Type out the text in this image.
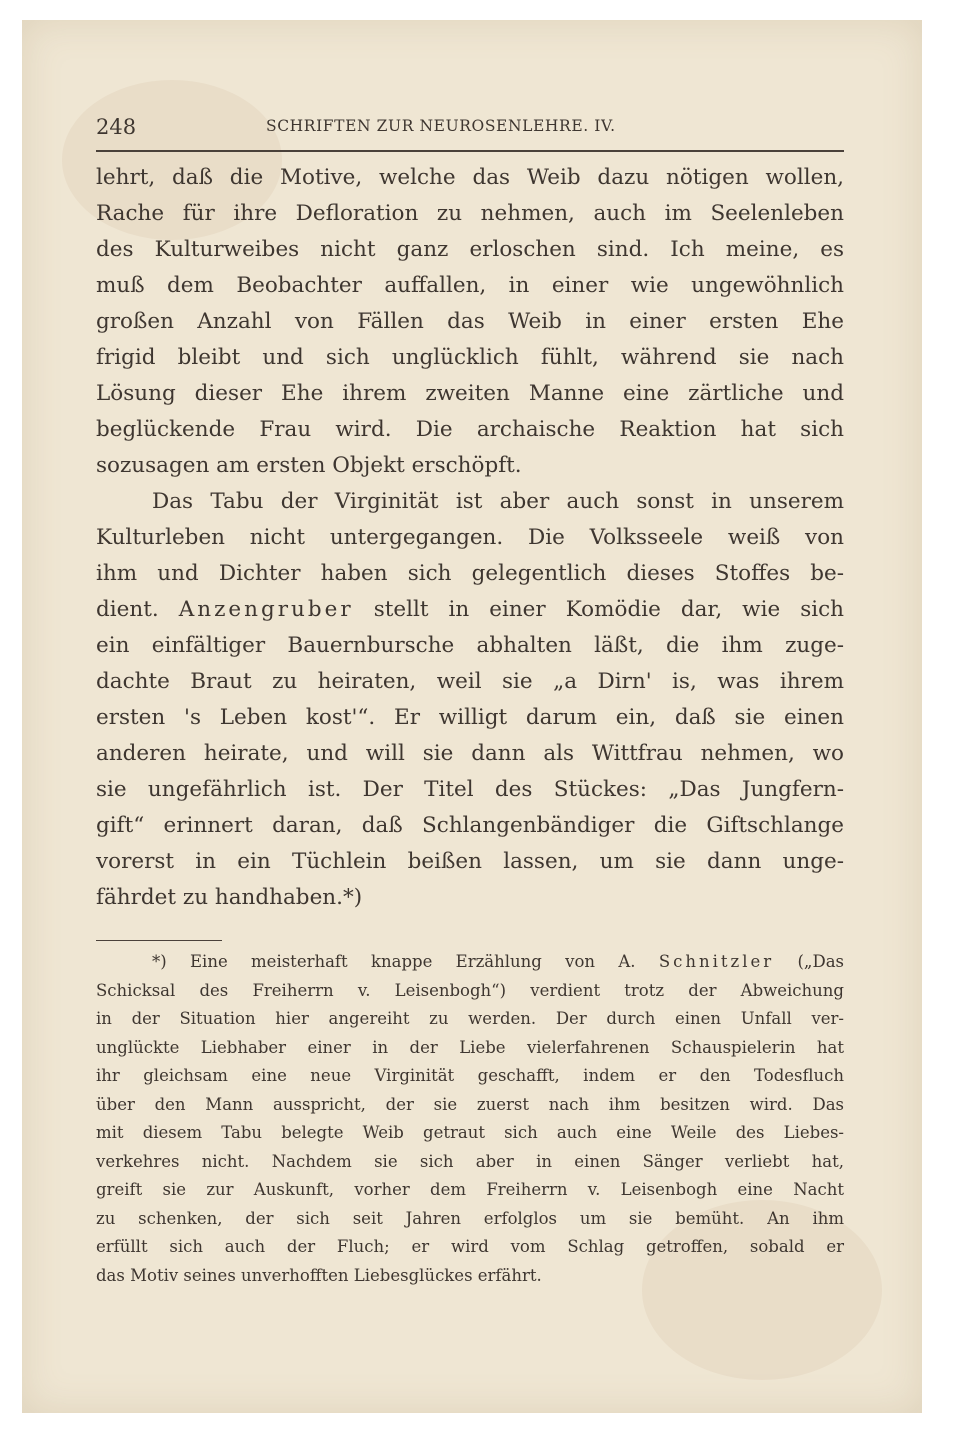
248	SCHRIFTEN ZUR NEUROSENLEHRE. IV.
lehrt, daß die Motive, welche das Weib dazu nötigen wollen,
Rache für ihre Defloration zu nehmen, auch im Seelenleben
des Kulturweibes nicht ganz erloschen sind. Ich meine, es
muß dem Beobachter auffallen, in einer wie ungewöhnlich
großen Anzahl von Fällen das Weib in einer ersten Ehe
frigid bleibt und sich unglücklich fühlt, während sie nach
Lösung dieser Ehe ihrem zweiten Manne eine zärtliche und
beglückende Frau wird. Die archaische Reaktion hat sich
sozusagen am ersten Objekt erschöpft.
Das Tabu der Virginität ist aber auch sonst in unserem
Kulturleben nicht untergegangen. Die Volksseele weiß von
ihm und Dichter haben sich gelegentlich dieses Stoffes be-
dient. Anzengruber stellt in einer Komödie dar, wie sich
ein einfältiger Bauernbursche abhalten läßt, die ihm zuge-
dachte Braut zu heiraten, weil sie „a Dirn' is, was ihrem
ersten 's Leben kost'“. Er willigt darum ein, daß sie einen
anderen heirate, und will sie dann als Wittfrau nehmen, wo
sie ungefährlich ist. Der Titel des Stückes: „Das Jungfern-
gift“ erinnert daran, daß Schlangenbändiger die Giftschlange
vorerst in ein Tüchlein beißen lassen, um sie dann unge-
fährdet zu handhaben.*)
*) Eine meisterhaft knappe Erzählung von A. Schnitzler („Das
Schicksal des Freiherrn v. Leisenbogh“) verdient trotz der Abweichung
in der Situation hier angereiht zu werden. Der durch einen Unfall ver-
unglückte Liebhaber einer in der Liebe vielerfahrenen Schauspielerin hat
ihr gleichsam eine neue Virginität geschafft, indem er den Todesfluch
über den Mann ausspricht, der sie zuerst nach ihm besitzen wird. Das
mit diesem Tabu belegte Weib getraut sich auch eine Weile des Liebes-
verkehres nicht. Nachdem sie sich aber in einen Sänger verliebt hat,
greift sie zur Auskunft, vorher dem Freiherrn v. Leisenbogh eine Nacht
zu schenken, der sich seit Jahren erfolglos um sie bemüht. An ihm
erfüllt sich auch der Fluch; er wird vom Schlag getroffen, sobald er
das Motiv seines unverhofften Liebesglückes erfährt.
